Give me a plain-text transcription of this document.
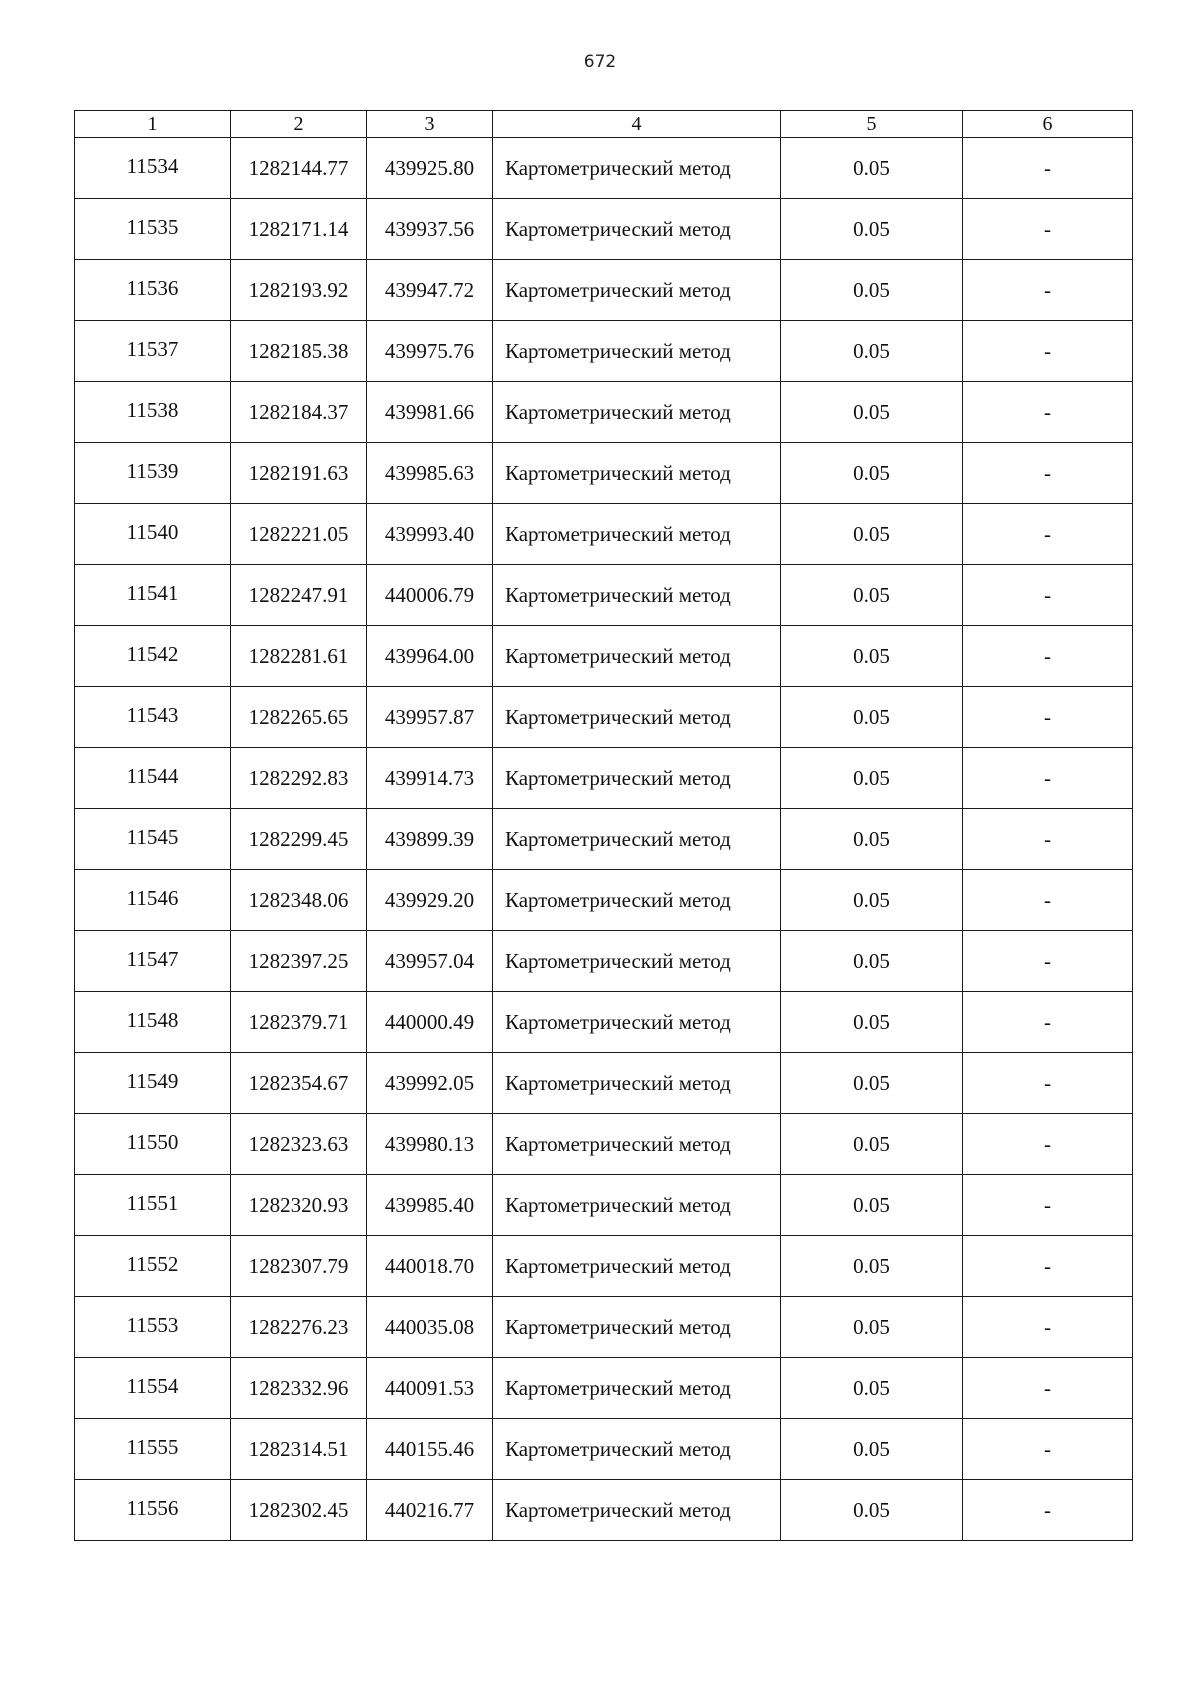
672
1	2	3	4	5	6
11534	1282144.77	439925.80	Картометрический метод	0.05	-
11535	1282171.14	439937.56	Картометрический метод	0.05	-
11536	1282193.92	439947.72	Картометрический метод	0.05	-
11537	1282185.38	439975.76	Картометрический метод	0.05	-
11538	1282184.37	439981.66	Картометрический метод	0.05	-
11539	1282191.63	439985.63	Картометрический метод	0.05	-
11540	1282221.05	439993.40	Картометрический метод	0.05	-
11541	1282247.91	440006.79	Картометрический метод	0.05	-
11542	1282281.61	439964.00	Картометрический метод	0.05	-
11543	1282265.65	439957.87	Картометрический метод	0.05	-
11544	1282292.83	439914.73	Картометрический метод	0.05	-
11545	1282299.45	439899.39	Картометрический метод	0.05	-
11546	1282348.06	439929.20	Картометрический метод	0.05	-
11547	1282397.25	439957.04	Картометрический метод	0.05	-
11548	1282379.71	440000.49	Картометрический метод	0.05	-
11549	1282354.67	439992.05	Картометрический метод	0.05	-
11550	1282323.63	439980.13	Картометрический метод	0.05	-
11551	1282320.93	439985.40	Картометрический метод	0.05	-
11552	1282307.79	440018.70	Картометрический метод	0.05	-
11553	1282276.23	440035.08	Картометрический метод	0.05	-
11554	1282332.96	440091.53	Картометрический метод	0.05	-
11555	1282314.51	440155.46	Картометрический метод	0.05	-
11556	1282302.45	440216.77	Картометрический метод	0.05	-
